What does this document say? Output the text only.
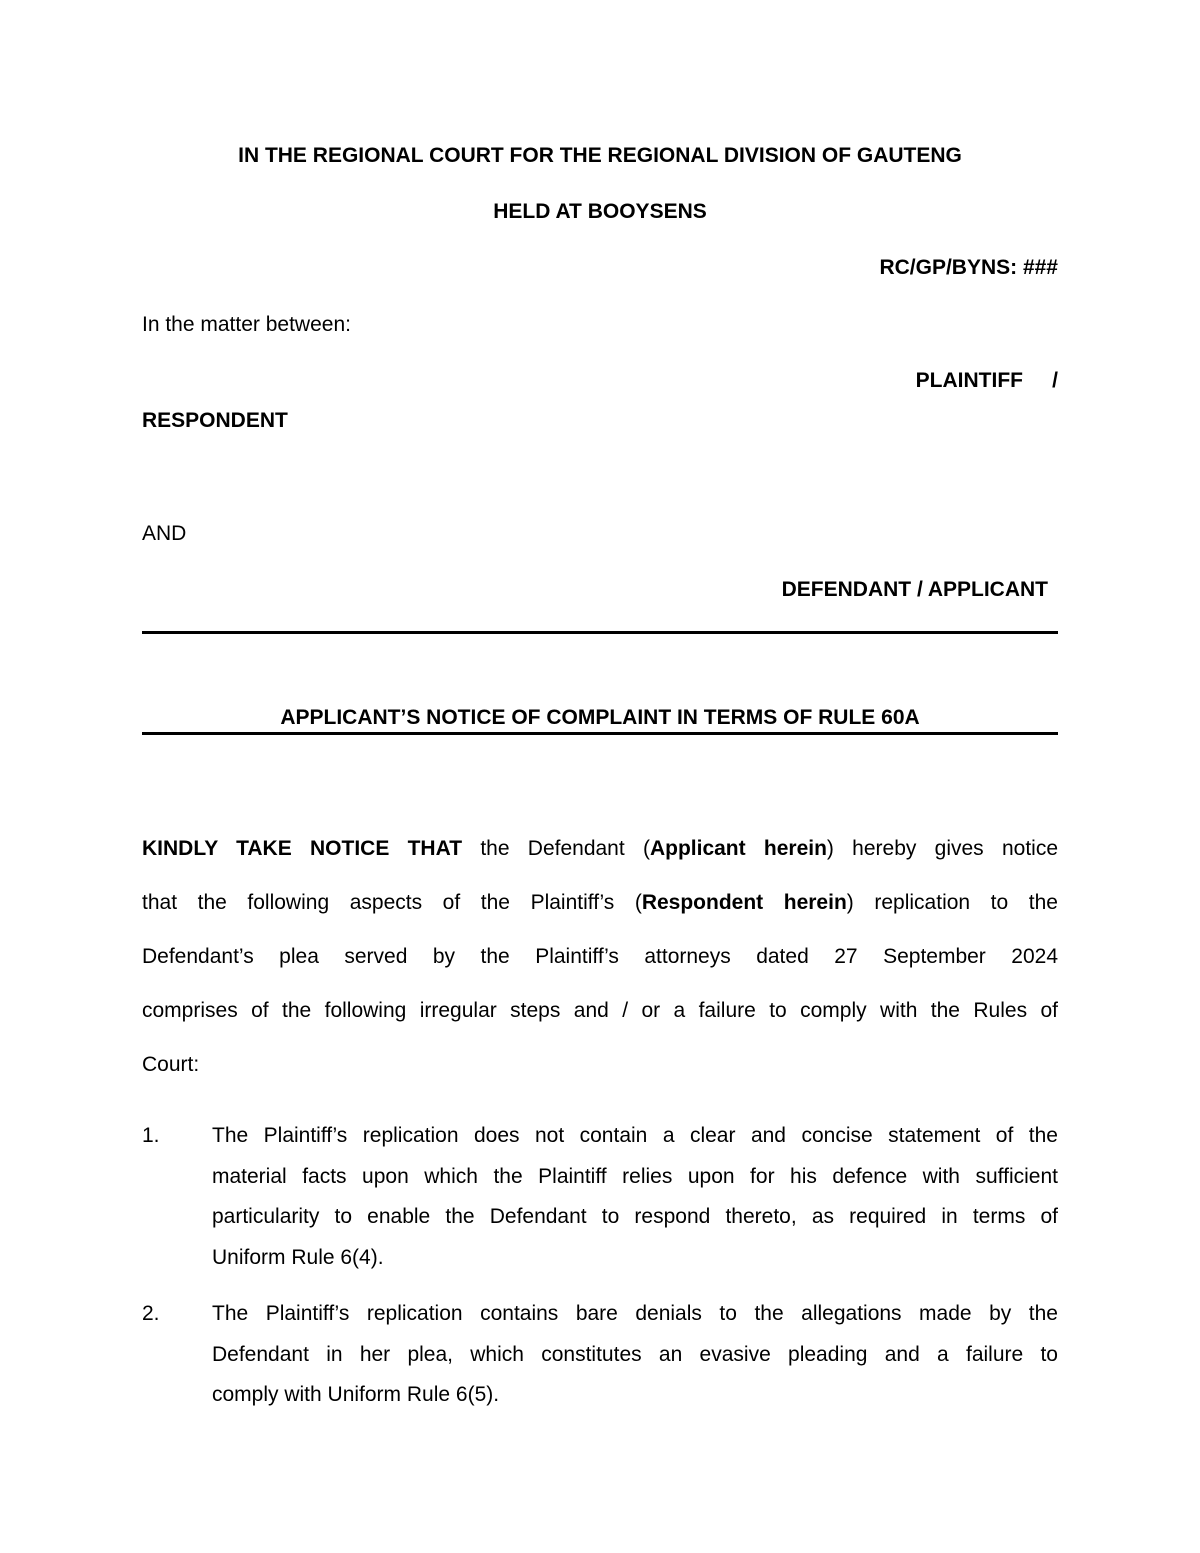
IN THE REGIONAL COURT FOR THE REGIONAL DIVISION OF GAUTENG
HELD AT BOOYSENS
RC/GP/BYNS: ###
In the matter between:
PLAINTIFF     /
RESPONDENT
AND
DEFENDANT / APPLICANT
APPLICANT’S NOTICE OF COMPLAINT IN TERMS OF RULE 60A
KINDLY TAKE NOTICE THAT the Defendant (Applicant herein) hereby gives notice
that the following aspects of the Plaintiff’s (Respondent herein) replication to the
Defendant’s plea served by the Plaintiff’s attorneys dated 27 September 2024
comprises of the following irregular steps and / or a failure to comply with the Rules of
Court:
1. The Plaintiff’s replication does not contain a clear and concise statement of the
material facts upon which the Plaintiff relies upon for his defence with sufficient
particularity to enable the Defendant to respond thereto, as required in terms of
Uniform Rule 6(4).
2. The Plaintiff’s replication contains bare denials to the allegations made by the
Defendant in her plea, which constitutes an evasive pleading and a failure to
comply with Uniform Rule 6(5).
